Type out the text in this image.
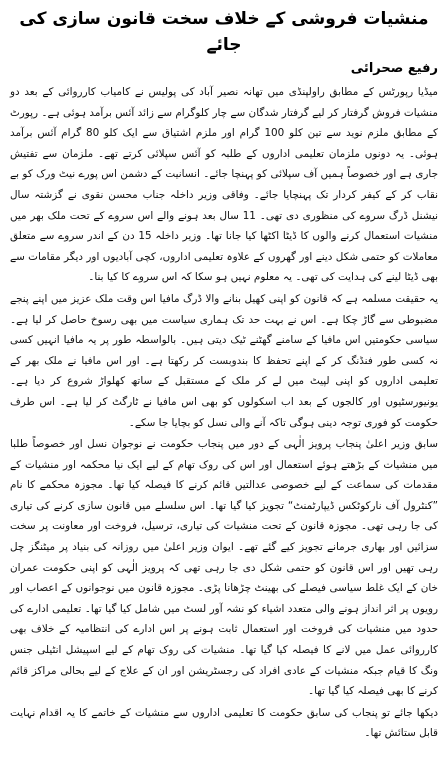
منشیات فروشی کے خلاف سخت قانون سازی کی جائے
رفیع صحرائی

میڈیا رپورٹس کے مطابق راولپنڈی میں تھانہ نصیر آباد کی پولیس نے کامیاب کارروائی کے بعد دو منشیات فروش گرفتار کر لیے گرفتار شدگان سے چار کلوگرام سے زائد آئس برآمد ہوئی ہے۔ رپورٹ کے مطابق ملزم نوید سے تین کلو 100 گرام اور ملزم اشتیاق سے ایک کلو 80 گرام آئس برآمد ہوئی۔ یہ دونوں ملزمان تعلیمی اداروں کے طلبہ کو آئس سپلائی کرتے تھے۔ ملزمان سے تفتیش جاری ہے اور خصوصاً ہمیں آف سپلائی کو پہنچا جائے۔ انسانیت کے دشمن اس پورے نیٹ ورک کو بے نقاب کر کے کیفر کردار تک پہنچایا جائے۔ وفاقی وزیر داخلہ جناب محسن نقوی نے گزشتہ سال نیشنل ڈرگ سروے کی منظوری دی تھی۔ 11 سال بعد ہونے والے اس سروے کے تحت ملک بھر میں منشیات استعمال کرنے والوں کا ڈیٹا اکٹھا کیا جانا تھا۔ وزیر داخلہ 15 دن کے اندر سروے سے متعلق معاملات کو حتمی شکل دینے اور گھروں کے علاوہ تعلیمی اداروں، کچی آبادیوں اور دیگر مقامات سے بھی ڈیٹا لینے کی ہدایت کی تھی۔ یہ معلوم نہیں ہو سکا کہ اس سروے کا کیا بنا۔

یہ حقیقت مسلمہ ہے کہ قانون کو اپنی کھیل بنانے والا ڈرگ مافیا اس وقت ملک عزیز میں اپنے پنجے مضبوطی سے گاڑ چکا ہے۔ اس نے بہت حد تک ہماری سیاست میں بھی رسوخ حاصل کر لیا ہے۔ سیاسی حکومتیں اس مافیا کے سامنے گھٹنے ٹیک دیتی ہیں۔ بالواسطہ طور پر یہ مافیا انہیں کسی نہ کسی طور فنڈنگ کر کے اپنے تحفظ کا بندوبست کر رکھتا ہے۔ اور اس مافیا نے ملک بھر کے تعلیمی اداروں کو اپنی لپیٹ میں لے کر ملک کے مستقبل کے ساتھ کھلواڑ شروع کر دیا ہے۔ یونیورسٹیوں اور کالجوں کے بعد اب اسکولوں کو بھی اس مافیا نے ٹارگٹ کر لیا ہے۔ اس طرف حکومت کو فوری توجہ دینی ہوگی تاکہ آنے والی نسل کو بچایا جا سکے۔

سابق وزیر اعلیٰ پنجاب پرویز الٰہی کے دور میں پنجاب حکومت نے نوجوان نسل اور خصوصاً طلبا میں منشیات کے بڑھتے ہوئے استعمال اور اس کی روک تھام کے لیے ایک نیا محکمہ اور منشیات کے مقدمات کی سماعت کے لیے خصوصی عدالتیں قائم کرنے کا فیصلہ کیا تھا۔ مجوزہ محکمے کا نام ”کنٹرول آف نارکوٹکس ڈیپارٹمنٹ“ تجویز کیا گیا تھا۔ اس سلسلے میں قانون سازی کرنے کی تیاری کی جا رہی تھی۔ مجوزہ قانون کے تحت منشیات کی تیاری، ترسیل، فروخت اور معاونت پر سخت سزائیں اور بھاری جرمانے تجویز کیے گئے تھے۔ ایوان وزیر اعلیٰ میں روزانہ کی بنیاد پر میٹنگز چل رہی تھیں اور اس قانون کو حتمی شکل دی جا رہی تھی کہ پرویز الٰہی کو اپنی حکومت عمران خان کے ایک غلط سیاسی فیصلے کی بھینٹ چڑھانا پڑی۔ مجوزہ قانون میں نوجوانوں کے اعصاب اور رویوں پر اثر انداز ہونے والی متعدد اشیاء کو نشہ آور لسٹ میں شامل کیا گیا تھا۔ تعلیمی ادارے کی حدود میں منشیات کی فروخت اور استعمال ثابت ہونے پر اس ادارے کی انتظامیہ کے خلاف بھی کارروائی عمل میں لانے کا فیصلہ کیا گیا تھا۔ منشیات کی روک تھام کے لیے اسپیشل انٹیلی جنس ونگ کا قیام جبکہ منشیات کے عادی افراد کی رجسٹریشن اور ان کے علاج کے لیے بحالی مراکز قائم کرنے کا بھی فیصلہ کیا گیا تھا۔

دیکھا جائے تو پنجاب کی سابق حکومت کا تعلیمی اداروں سے منشیات کے خاتمے کا یہ اقدام نہایت قابل ستائش تھا۔
